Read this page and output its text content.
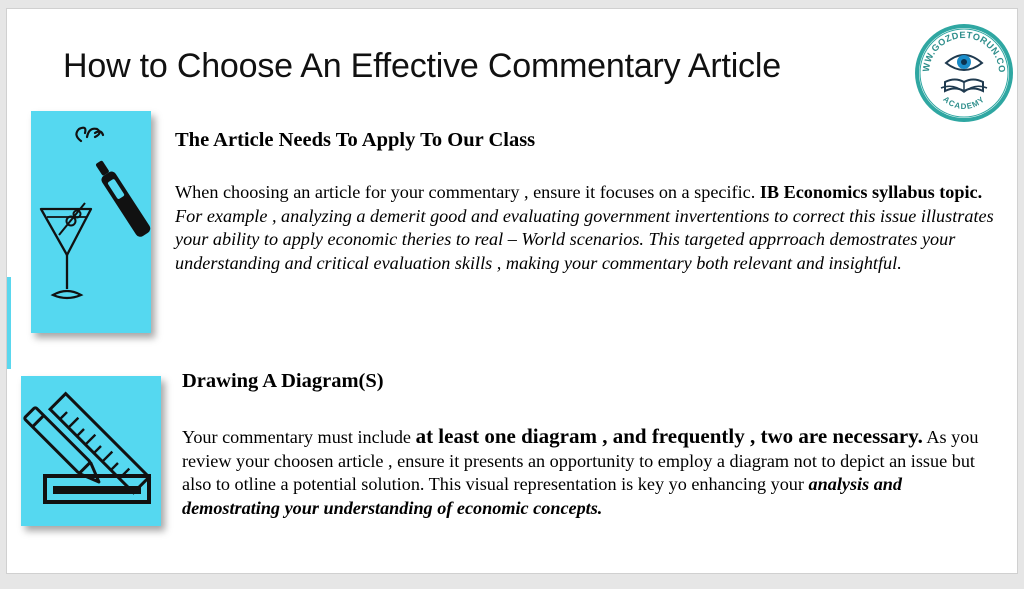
How to Choose An Effective Commentary Article	WW.GOZDETORUN.CO
ACADEMY
The Article Needs To Apply To Our Class
When choosing an article for your commentary , ensure it focuses on a specific. IB Economics syllabus topic.
For example , analyzing a demerit good and evaluating government invertentions to correct this issue illustrates your ability to apply economic theries to real – World scenarios. This targeted apprroach demostrates your understanding and critical evaluation skills , making your commentary both relevant and insightful.
Drawing A Diagram(S)
Your commentary must include at least one diagram , and frequently , two are necessary. As you review your choosen article , ensure it presents an opportunity to employ a diagram not to depict an issue but also to otline a potential solution. This visual representation is key yo enhancing your analysis and demostrating your understanding of economic concepts.
